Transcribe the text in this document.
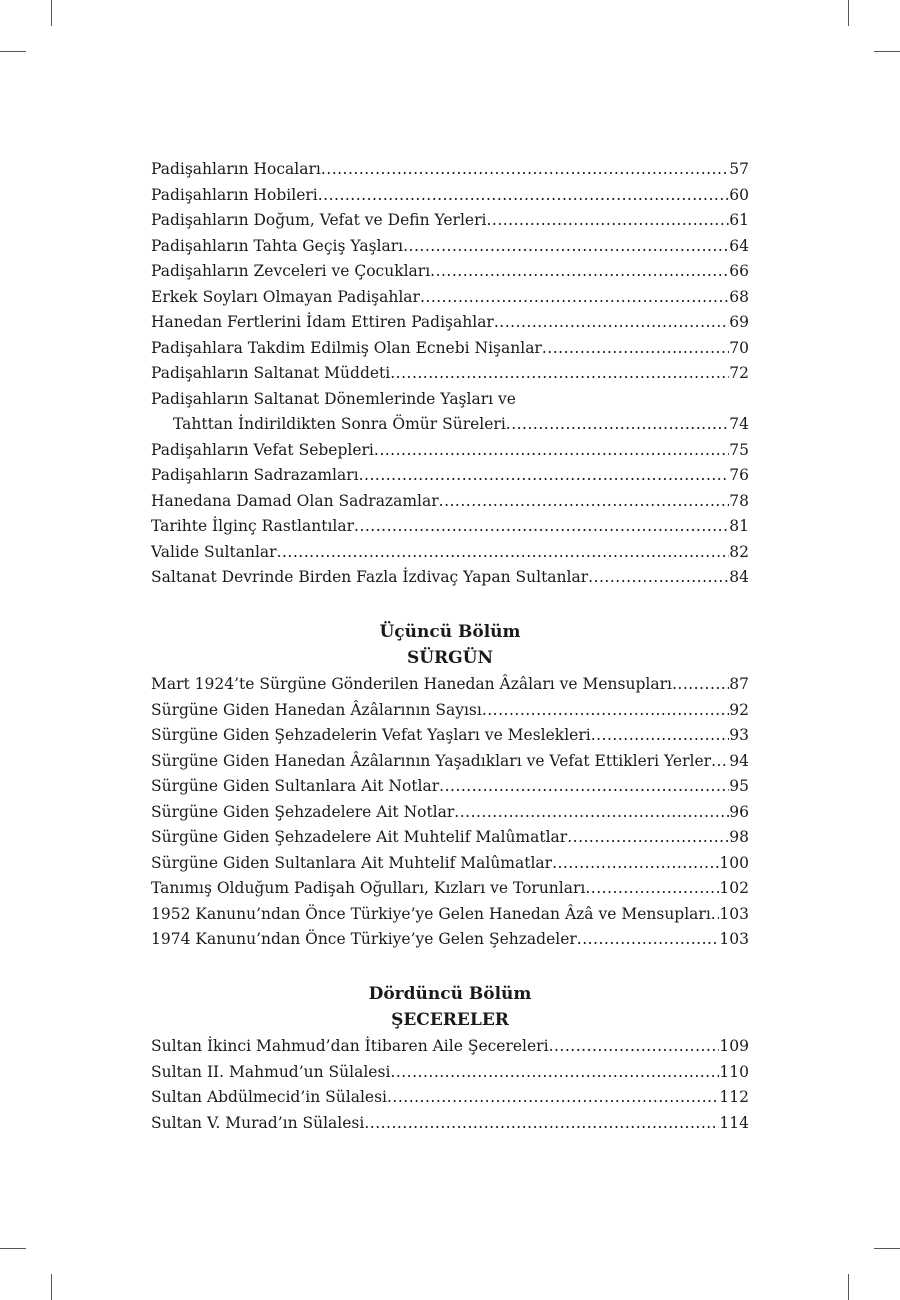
Padişahların Hocaları .....	57
Padişahların Hobileri .....	60
Padişahların Doğum, Vefat ve Defin Yerleri .....	61
Padişahların Tahta Geçiş Yaşları .....	64
Padişahların Zevceleri ve Çocukları .....	66
Erkek Soyları Olmayan Padişahlar .....	68
Hanedan Fertlerini İdam Ettiren Padişahlar .....	69
Padişahlara Takdim Edilmiş Olan Ecnebi Nişanlar .....	70
Padişahların Saltanat Müddeti .....	72
Padişahların Saltanat Dönemlerinde Yaşları ve
Tahttan İndirildikten Sonra Ömür Süreleri .....	74
Padişahların Vefat Sebepleri .....	75
Padişahların Sadrazamları .....	76
Hanedana Damad Olan Sadrazamlar .....	78
Tarihte İlginç Rastlantılar .....	81
Valide Sultanlar .....	82
Saltanat Devrinde Birden Fazla İzdivaç Yapan Sultanlar .....	84
Üçüncü Bölüm
SÜRGÜN
Mart 1924’te Sürgüne Gönderilen Hanedan Âzâları ve Mensupları .....	87
Sürgüne Giden Hanedan Âzâlarının Sayısı .....	92
Sürgüne Giden Şehzadelerin Vefat Yaşları ve Meslekleri .....	93
Sürgüne Giden Hanedan Âzâlarının Yaşadıkları ve Vefat Ettikleri Yerler ..... 94
Sürgüne Giden Sultanlara Ait Notlar .....	95
Sürgüne Giden Şehzadelere Ait Notlar .....	96
Sürgüne Giden Şehzadelere Ait Muhtelif Malûmatlar .....	98
Sürgüne Giden Sultanlara Ait Muhtelif Malûmatlar .....	100
Tanımış Olduğum Padişah Oğulları, Kızları ve Torunları .....	102
1952 Kanunu’ndan Önce Türkiye’ye Gelen Hanedan Âzâ ve Mensupları ..... 103
1974 Kanunu’ndan Önce Türkiye’ye Gelen Şehzadeler .....	103
Dördüncü Bölüm
ŞECERELER
Sultan İkinci Mahmud’dan İtibaren Aile Şecereleri .....	109
Sultan II. Mahmud’un Sülalesi .....	110
Sultan Abdülmecid’in Sülalesi .....	112
Sultan V. Murad’ın Sülalesi .....	114
